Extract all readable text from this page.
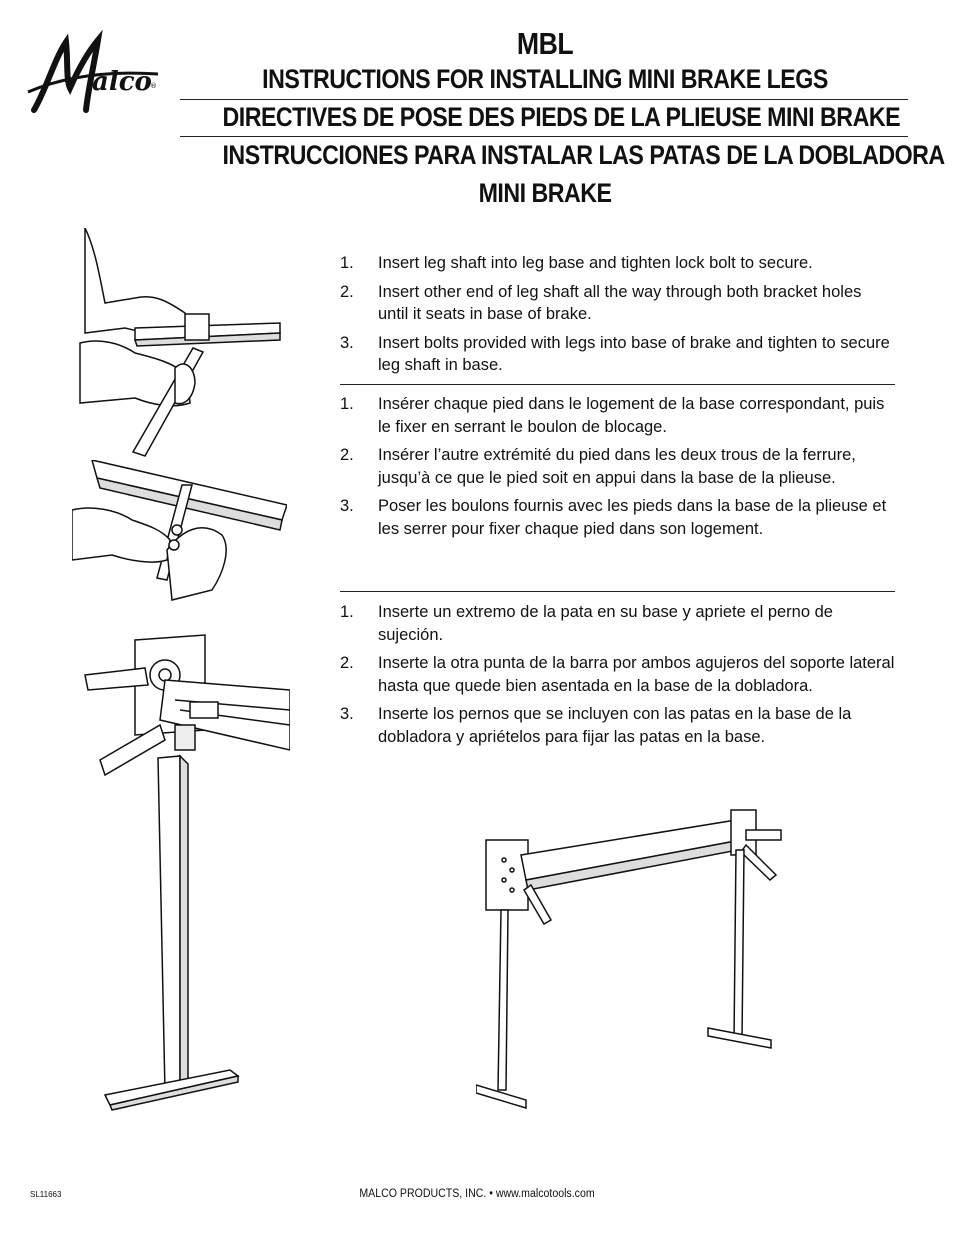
alco
®
MBL
INSTRUCTIONS FOR INSTALLING MINI BRAKE LEGS
DIRECTIVES DE POSE DES PIEDS DE LA PLIEUSE MINI BRAKE
INSTRUCCIONES PARA INSTALAR LAS PATAS DE LA DOBLADORA
MINI BRAKE
1.	Insert leg shaft into leg base and tighten lock bolt to secure.
2.	Insert other end of leg shaft all the way through both bracket holes until it seats in base of brake.
3.	Insert bolts provided with legs into base of brake and tighten to secure leg shaft in base.
1.	Insérer chaque pied dans le logement de la base correspondant, puis le fixer en serrant le boulon de blocage.
2.	Insérer l’autre extrémité du pied dans les deux trous de la ferrure, jusqu’à ce que le pied soit en appui dans la base de la plieuse.
3.	Poser les boulons fournis avec les pieds dans la base de la plieuse et les serrer pour fixer chaque pied dans son logement.
1.	Inserte un extremo de la pata en su base y apriete el perno de sujeción.
2.	Inserte la otra punta de la barra por ambos agujeros del soporte lateral hasta que quede bien asentada en la base de la dobladora.
3.	Inserte los pernos que se incluyen con las patas en la base de la dobladora y apriételos para fijar las patas en la base.
SL11663	MALCO PRODUCTS, INC. • www.malcotools.com
